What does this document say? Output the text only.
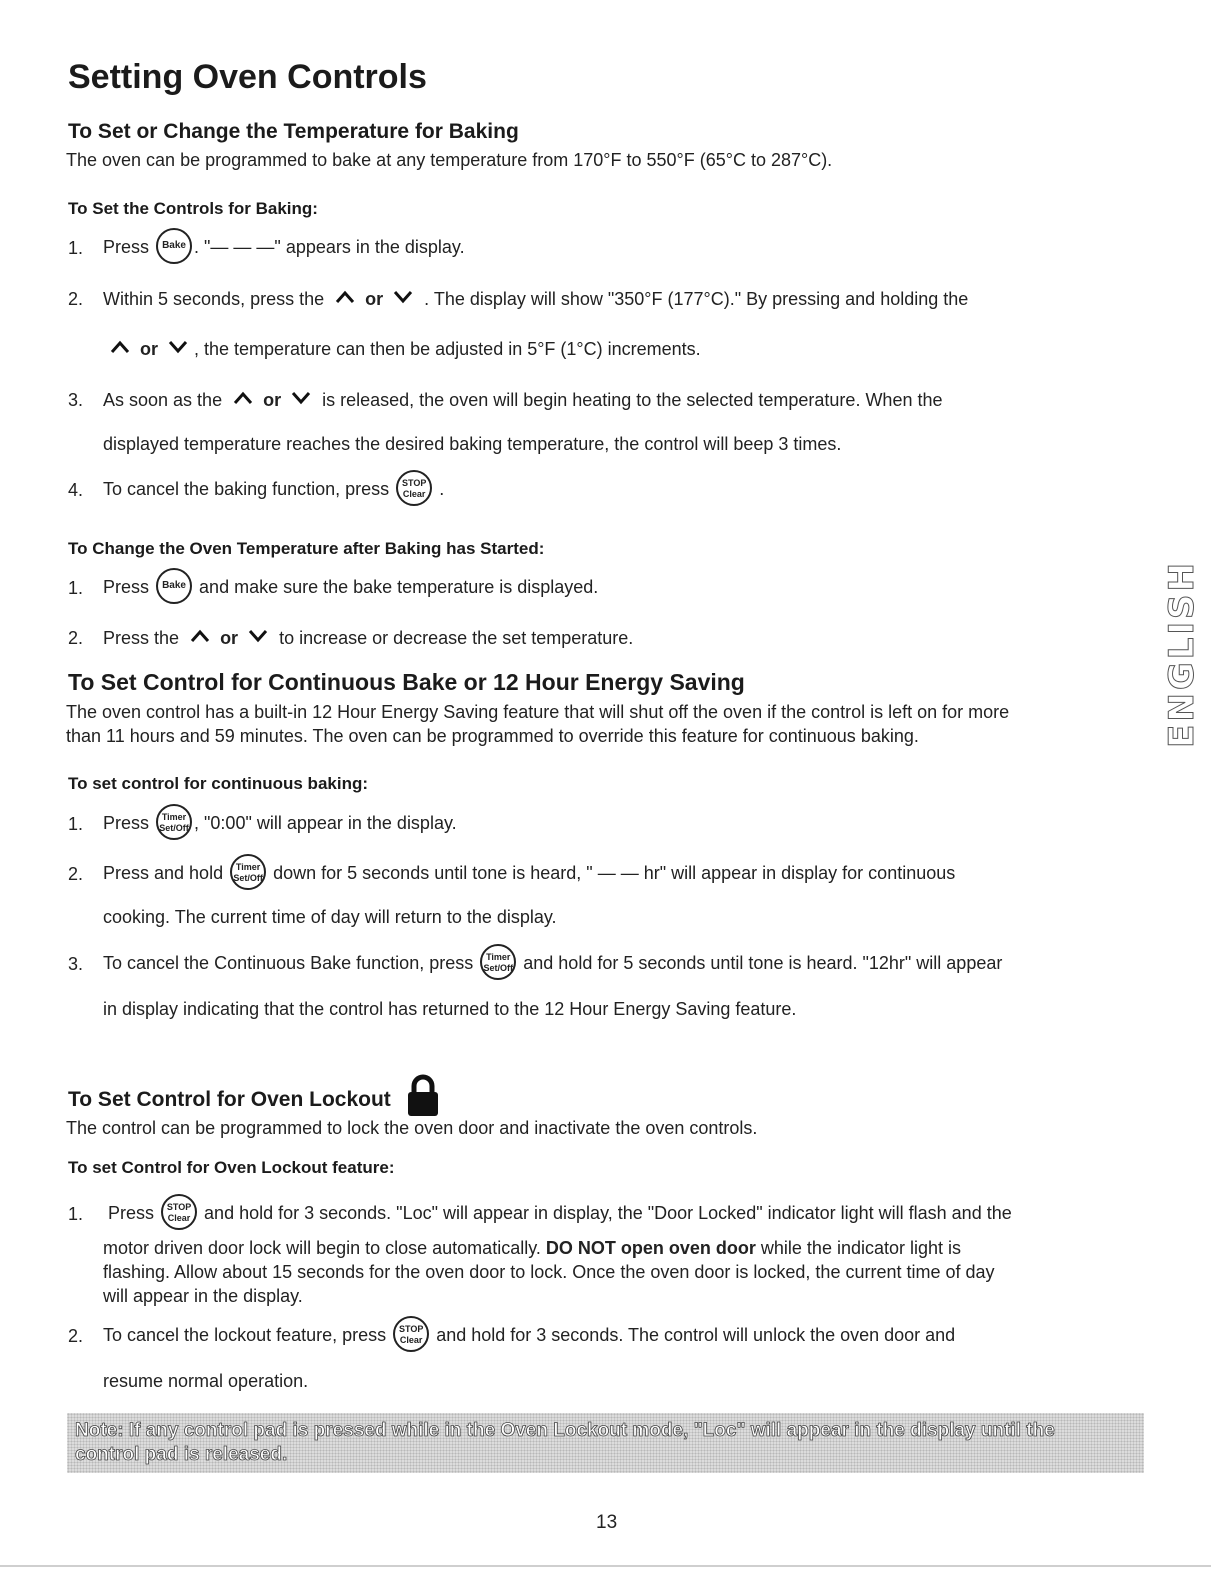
Setting Oven Controls
To Set or Change the Temperature for Baking
The oven can be programmed to bake at any temperature from 170°F to 550°F (65°C to 287°C).
To Set the Controls for Baking:
1. Press Bake . "— — —" appears in the display.
2. Within 5 seconds, press the or . The display will show "350°F (177°C)." By pressing and holding the
or , the temperature can then be adjusted in 5°F (1°C) increments.
3. As soon as the or is released, the oven will begin heating to the selected temperature. When the
displayed temperature reaches the desired baking temperature, the control will beep 3 times.
4. To cancel the baking function, press STOP
Clear .
To Change the Oven Temperature after Baking has Started:
1. Press Bake and make sure the bake temperature is displayed.
2. Press the or to increase or decrease the set temperature.
To Set Control for Continuous Bake or 12 Hour Energy Saving
The oven control has a built-in 12 Hour Energy Saving feature that will shut off the oven if the control is left on for more
than 11 hours and 59 minutes. The oven can be programmed to override this feature for continuous baking.
To set control for continuous baking:
1. Press Timer
Set/Off , "0:00" will appear in the display.
2. Press and hold Timer
Set/Off down for 5 seconds until tone is heard, " — — hr" will appear in display for continuous
cooking. The current time of day will return to the display.
3. To cancel the Continuous Bake function, press Timer
Set/Off and hold for 5 seconds until tone is heard. "12hr" will appear
in display indicating that the control has returned to the 12 Hour Energy Saving feature.
To Set Control for Oven Lockout
The control can be programmed to lock the oven door and inactivate the oven controls.
To set Control for Oven Lockout feature:
1. Press STOP
Clear and hold for 3 seconds. "Loc" will appear in display, the "Door Locked" indicator light will flash and the
motor driven door lock will begin to close automatically. DO NOT open oven door while the indicator light is
flashing. Allow about 15 seconds for the oven door to lock. Once the oven door is locked, the current time of day
will appear in the display.
2. To cancel the lockout feature, press STOP
Clear and hold for 3 seconds. The control will unlock the oven door and
resume normal operation.
Note: If any control pad is pressed while in the Oven Lockout mode, "Loc" will appear in the display until the
control pad is released.
ENGLISH
13
